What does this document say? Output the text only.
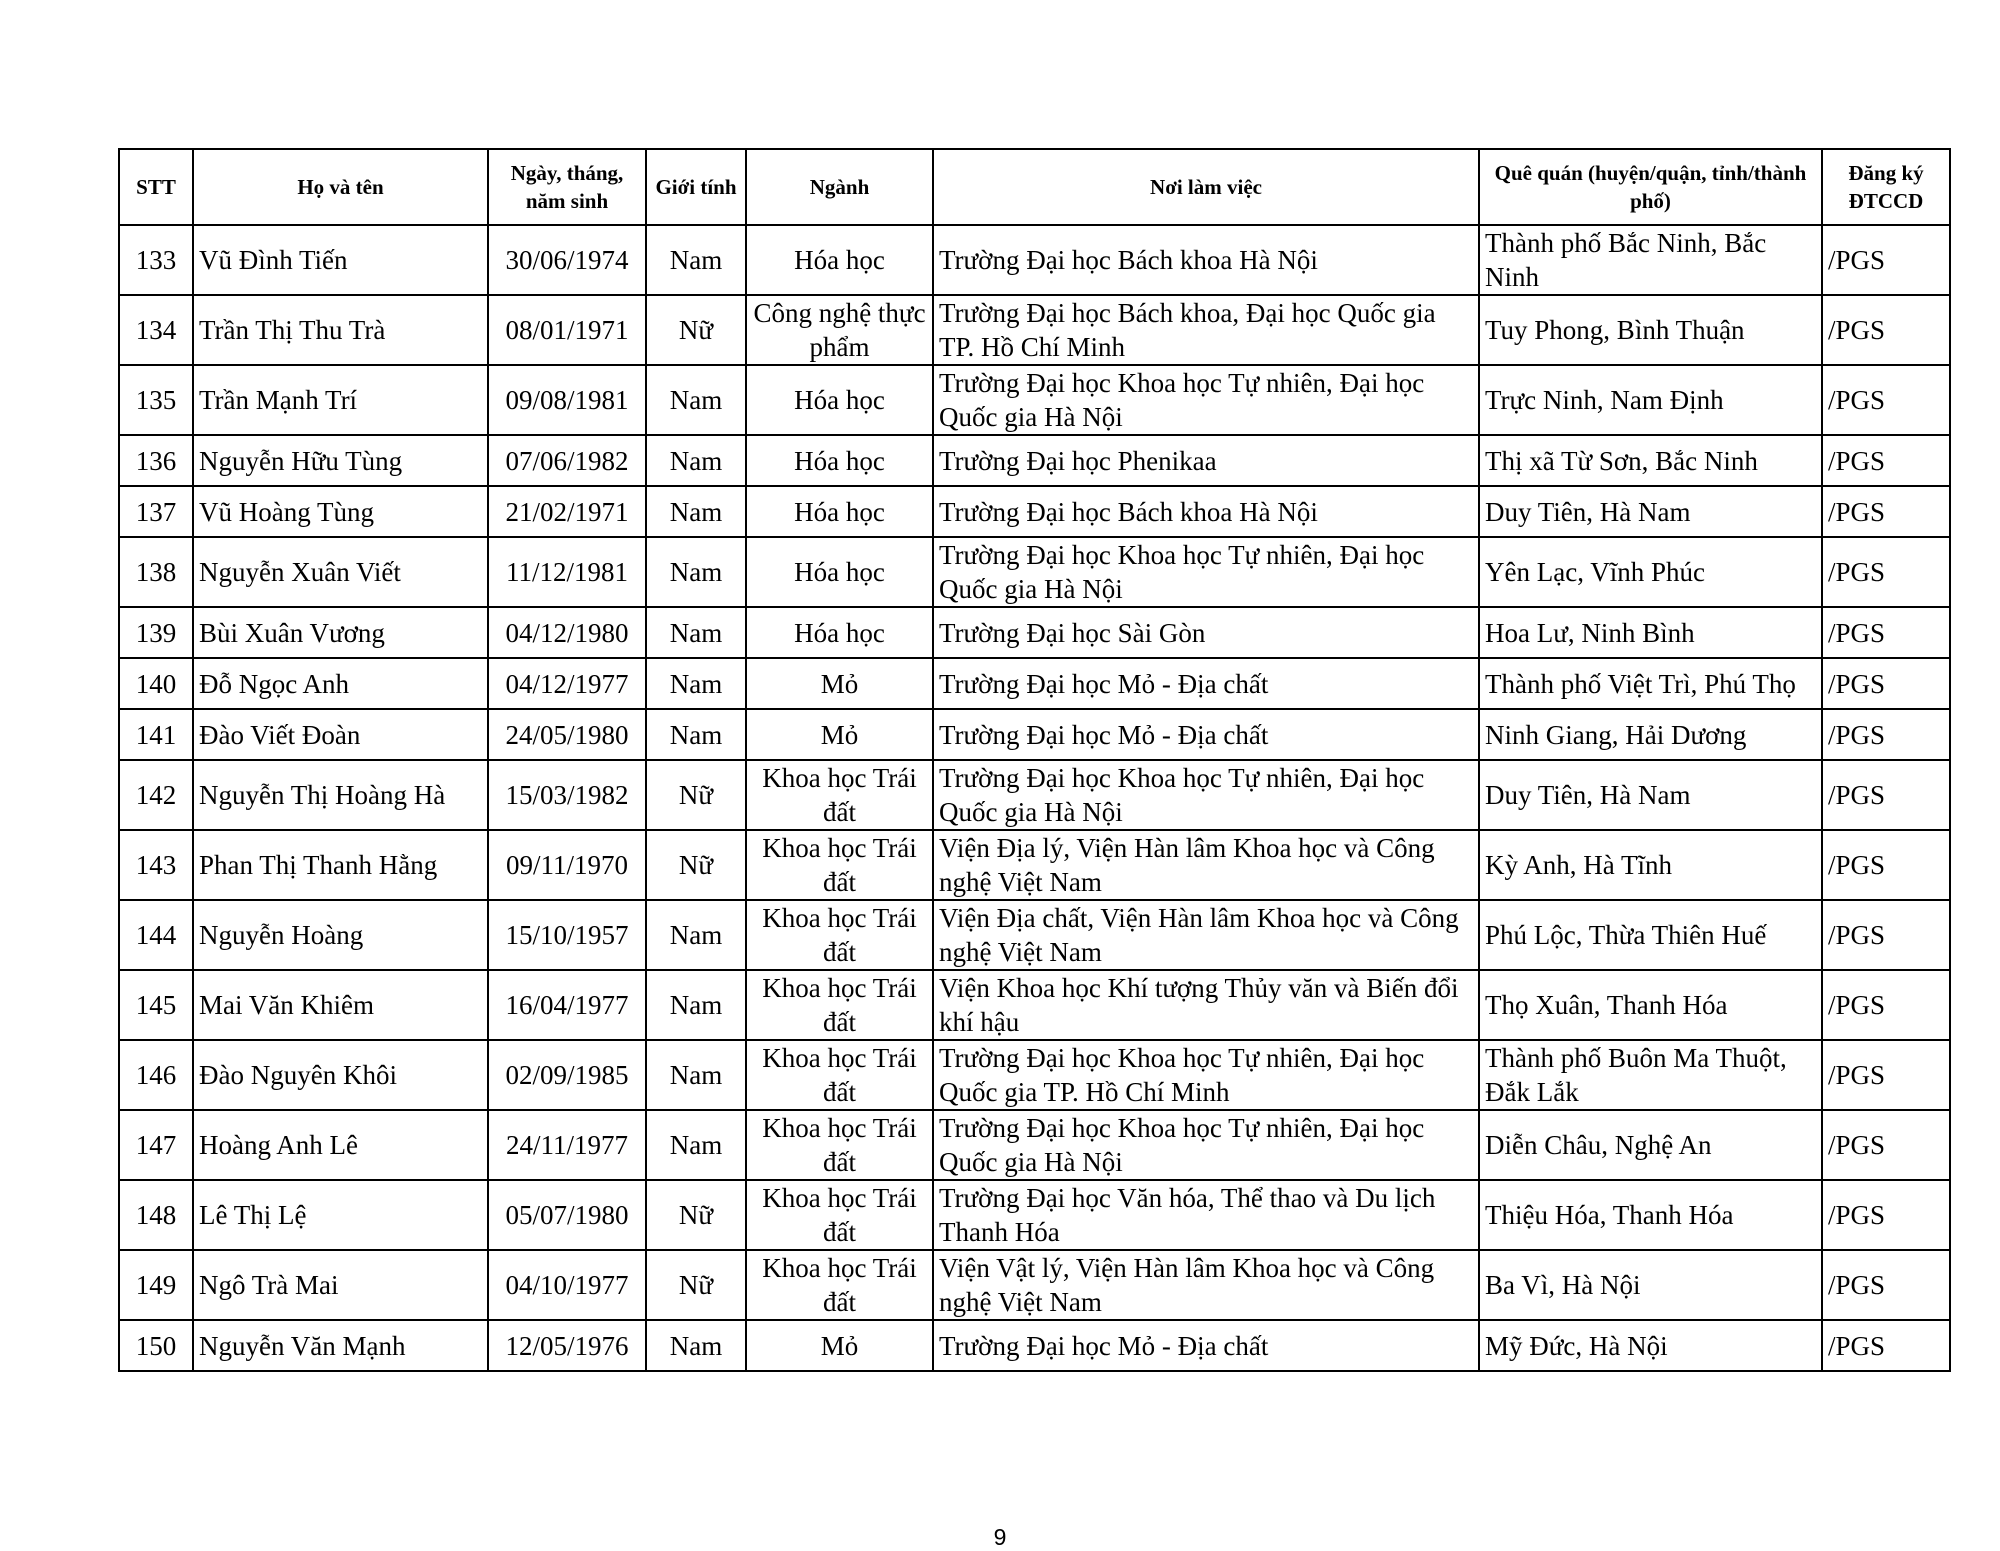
STT	Họ và tên	Ngày, tháng, năm sinh	Giới tính	Ngành	Nơi làm việc	Quê quán (huyện/quận, tỉnh/thành phố)	Đăng ký ĐTCCD
133	Vũ Đình Tiến	30/06/1974	Nam	Hóa học	Trường Đại học Bách khoa Hà Nội	Thành phố Bắc Ninh, Bắc Ninh	/PGS
134	Trần Thị Thu Trà	08/01/1971	Nữ	Công nghệ thực phẩm	Trường Đại học Bách khoa, Đại học Quốc gia TP. Hồ Chí Minh	Tuy Phong, Bình Thuận	/PGS
135	Trần Mạnh Trí	09/08/1981	Nam	Hóa học	Trường Đại học Khoa học Tự nhiên, Đại học Quốc gia Hà Nội	Trực Ninh, Nam Định	/PGS
136	Nguyễn Hữu Tùng	07/06/1982	Nam	Hóa học	Trường Đại học Phenikaa	Thị xã Từ Sơn, Bắc Ninh	/PGS
137	Vũ Hoàng Tùng	21/02/1971	Nam	Hóa học	Trường Đại học Bách khoa Hà Nội	Duy Tiên, Hà Nam	/PGS
138	Nguyễn Xuân Viết	11/12/1981	Nam	Hóa học	Trường Đại học Khoa học Tự nhiên, Đại học Quốc gia Hà Nội	Yên Lạc, Vĩnh Phúc	/PGS
139	Bùi Xuân Vương	04/12/1980	Nam	Hóa học	Trường Đại học Sài Gòn	Hoa Lư, Ninh Bình	/PGS
140	Đỗ Ngọc Anh	04/12/1977	Nam	Mỏ	Trường Đại học Mỏ - Địa chất	Thành phố Việt Trì, Phú Thọ	/PGS
141	Đào Viết Đoàn	24/05/1980	Nam	Mỏ	Trường Đại học Mỏ - Địa chất	Ninh Giang, Hải Dương	/PGS
142	Nguyễn Thị Hoàng Hà	15/03/1982	Nữ	Khoa học Trái đất	Trường Đại học Khoa học Tự nhiên, Đại học Quốc gia Hà Nội	Duy Tiên, Hà Nam	/PGS
143	Phan Thị Thanh Hằng	09/11/1970	Nữ	Khoa học Trái đất	Viện Địa lý, Viện Hàn lâm Khoa học và Công nghệ Việt Nam	Kỳ Anh, Hà Tĩnh	/PGS
144	Nguyễn Hoàng	15/10/1957	Nam	Khoa học Trái đất	Viện Địa chất, Viện Hàn lâm Khoa học và Công nghệ Việt Nam	Phú Lộc, Thừa Thiên Huế	/PGS
145	Mai Văn Khiêm	16/04/1977	Nam	Khoa học Trái đất	Viện Khoa học Khí tượng Thủy văn và Biến đổi khí hậu	Thọ Xuân, Thanh Hóa	/PGS
146	Đào Nguyên Khôi	02/09/1985	Nam	Khoa học Trái đất	Trường Đại học Khoa học Tự nhiên, Đại học Quốc gia TP. Hồ Chí Minh	Thành phố Buôn Ma Thuột, Đắk Lắk	/PGS
147	Hoàng Anh Lê	24/11/1977	Nam	Khoa học Trái đất	Trường Đại học Khoa học Tự nhiên, Đại học Quốc gia Hà Nội	Diễn Châu, Nghệ An	/PGS
148	Lê Thị Lệ	05/07/1980	Nữ	Khoa học Trái đất	Trường Đại học Văn hóa, Thể thao và Du lịch Thanh Hóa	Thiệu Hóa, Thanh Hóa	/PGS
149	Ngô Trà Mai	04/10/1977	Nữ	Khoa học Trái đất	Viện Vật lý, Viện Hàn lâm Khoa học và Công nghệ Việt Nam	Ba Vì, Hà Nội	/PGS
150	Nguyễn Văn Mạnh	12/05/1976	Nam	Mỏ	Trường Đại học Mỏ - Địa chất	Mỹ Đức, Hà Nội	/PGS
9
